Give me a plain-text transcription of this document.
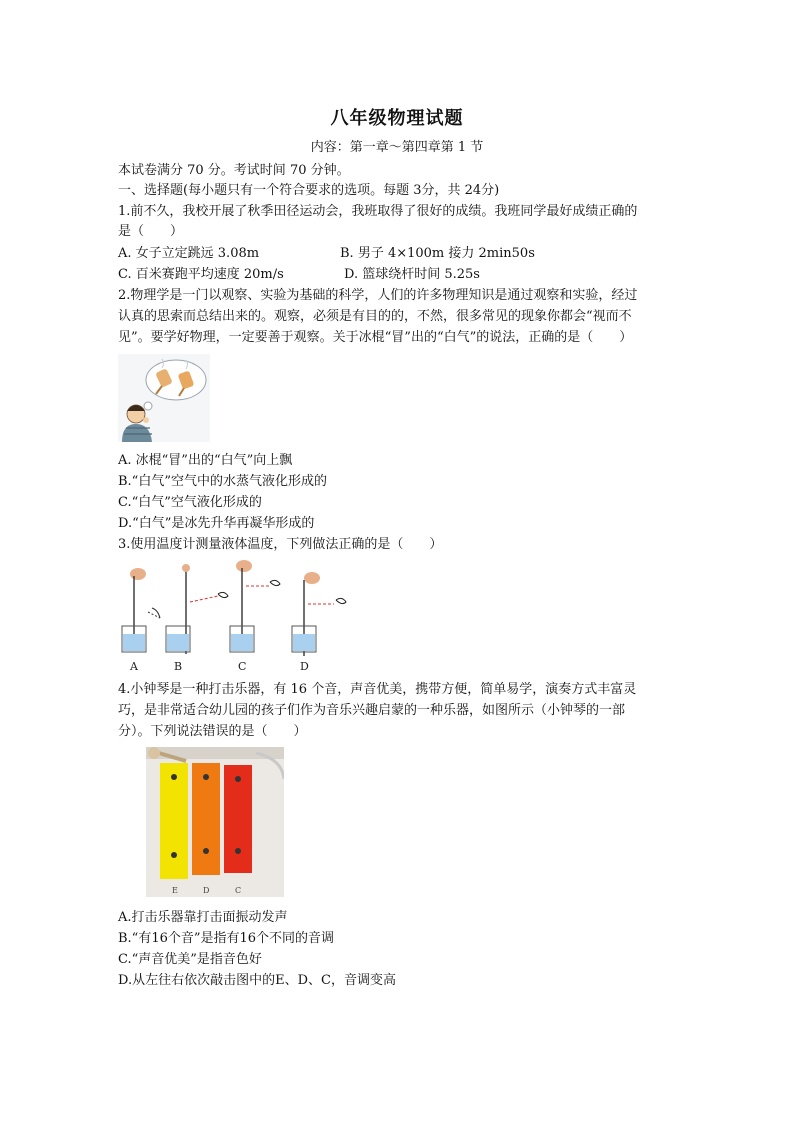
八年级物理试题
内容：第一章～第四章第 1 节
本试卷满分 70 分。考试时间 70 分钟。
一、选择题(每小题只有一个符合要求的选项。每题 3分，共 24分)
1.前不久，我校开展了秋季田径运动会，我班取得了很好的成绩。我班同学最好成绩正确的
是（　　）
A. 女子立定跳远 3.08m	B. 男子 4×100m 接力 2min50s
C. 百米赛跑平均速度 20m/s	D. 篮球绕杆时间 5.25s
2.物理学是一门以观察、实验为基础的科学，人们的许多物理知识是通过观察和实验，经过
认真的思索而总结出来的。观察，必须是有目的的，不然，很多常见的现象你都会“视而不
见”。要学好物理，一定要善于观察。关于冰棍“冒”出的“白气”的说法，正确的是（　　）
A. 冰棍“冒”出的“白气”向上飘
B.“白气”空气中的水蒸气液化形成的
C.“白气”空气液化形成的
D.“白气”是冰先升华再凝华形成的
3.使用温度计测量液体温度，下列做法正确的是（　　）
A	B	C	D
4.小钟琴是一种打击乐器，有 16 个音，声音优美，携带方便，简单易学，演奏方式丰富灵
巧，是非常适合幼儿园的孩子们作为音乐兴趣启蒙的一种乐器，如图所示（小钟琴的一部
分）。下列说法错误的是（　　）
E	D	C
A.打击乐器靠打击面振动发声
B.“有16个音”是指有16个不同的音调
C.“声音优美”是指音色好
D.从左往右依次敲击图中的E、D、C，音调变高
